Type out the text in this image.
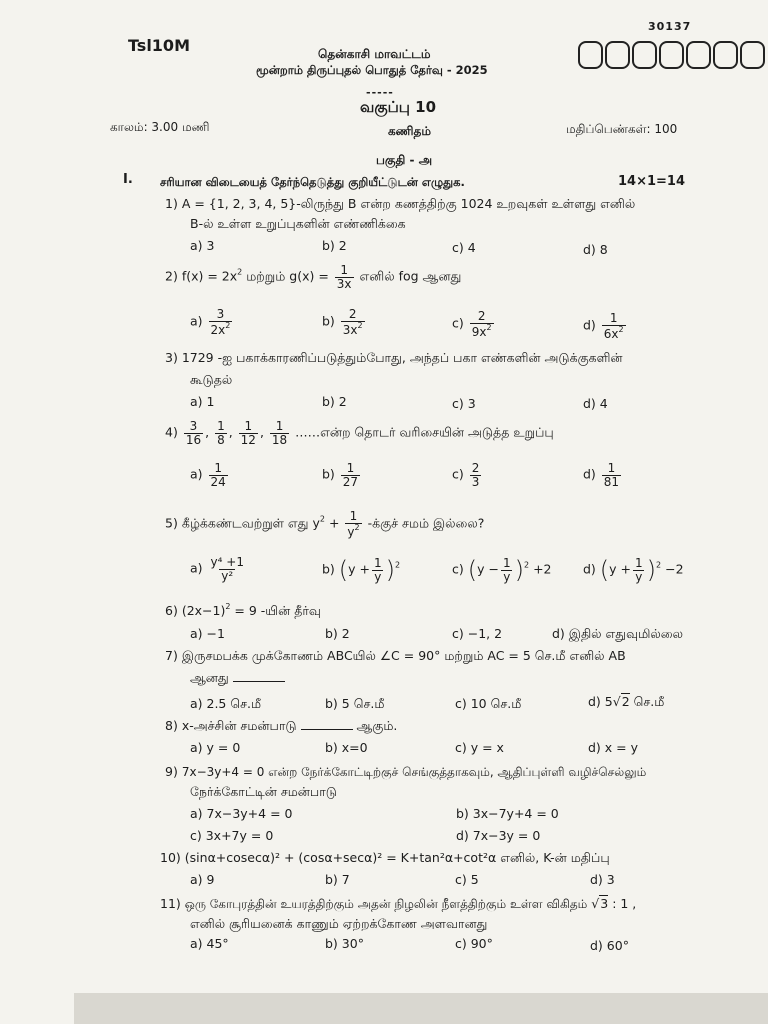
Tsl10M
30137
தென்காசி மாவட்டம்
மூன்றாம் திருப்புதல் பொதுத் தேர்வு - 2025
-----
வகுப்பு 10
காலம்: 3.00 மணி	கணிதம்	மதிப்பெண்கள்: 100
பகுதி - அ
I. சரியான விடையைத் தேர்ந்தெடுத்து குறியீட்டுடன் எழுதுக.	14×1=14
1) A = {1, 2, 3, 4, 5}-லிருந்து B என்ற கணத்திற்கு 1024 உறவுகள் உள்ளது எனில்
B-ல் உள்ள உறுப்புகளின் எண்ணிக்கை
a) 3	b) 2	c) 4	d) 8
2) $f(x) = 2x^2$ மற்றும் $g(x) = \frac{1}{3x}$ எனில் fog ஆனது
$a) \frac{3}{2x^2}$	$b) \frac{2}{3x^2}$	$c) \frac{2}{9x^2}$	$d) \frac{1}{6x^2}$
3) 1729 -ஐ பகாக்காரணிப்படுத்தும்போது, அந்தப் பகா எண்களின் அடுக்குகளின்
கூடுதல்
a) 1	b) 2	c) 3	d) 4
$4) \frac{3}{16}$ , $\frac{1}{8}$ , $\frac{1}{12}$ , $\frac{1}{18}$ ……என்ற தொடர் வரிசையின் அடுத்த உறுப்பு
$a) \frac{1}{24}$	$b) \frac{1}{27}$	$c) \frac{2}{3}$	$d) \frac{1}{81}$
5) கீழ்க்கண்டவற்றுள் எது $y^2 + \frac{1}{y^2}$ -க்குச் சமம் இல்லை?
$a) \frac{\text{y⁴ +1}}{\text{y²}}$	b) $(y + \frac{1}{y} )^2$	c) $(y - \frac{1}{y} )^2 +2$	d) $(y + \frac{1}{y} )^2 -2$
6) $(2x-1)^2 = 9$ -யின் தீர்வு
a) −1	b) 2	c) −1, 2	d) இதில் எதுவுமில்லை
7) இருசமபக்க முக்கோணம் ABCயில் ∠C = 90° மற்றும் AC = 5 செ.மீ எனில் AB
ஆனது
a) 2.5 செ.மீ	b) 5 செ.மீ	c) 10 செ.மீ	d) 5√2 செ.மீ
8) x-அச்சின் சமன்பாடு	ஆகும்.
a) y = 0	b) x=0	c) y = x	d) x = y
9) 7x−3y+4 = 0 என்ற நேர்க்கோட்டிற்குச் செங்குத்தாகவும், ஆதிப்புள்ளி வழிச்செல்லும்
நேர்க்கோட்டின் சமன்பாடு
a) 7x−3y+4 = 0	b) 3x−7y+4 = 0
c) 3x+7y = 0	d) 7x−3y = 0
10) (sinα+cosecα)² + (cosα+secα)² = K+tan²α+cot²α எனில், K-ன் மதிப்பு
a) 9	b) 7	c) 5	d) 3
11) ஒரு கோபுரத்தின் உயரத்திற்கும் அதன் நிழலின் நீளத்திற்கும் உள்ள விகிதம் √3 : 1 ,
எனில் சூரியனைக் காணும் ஏற்றக்கோண அளவானது
a) 45°	b) 30°	c) 90°	d) 60°
